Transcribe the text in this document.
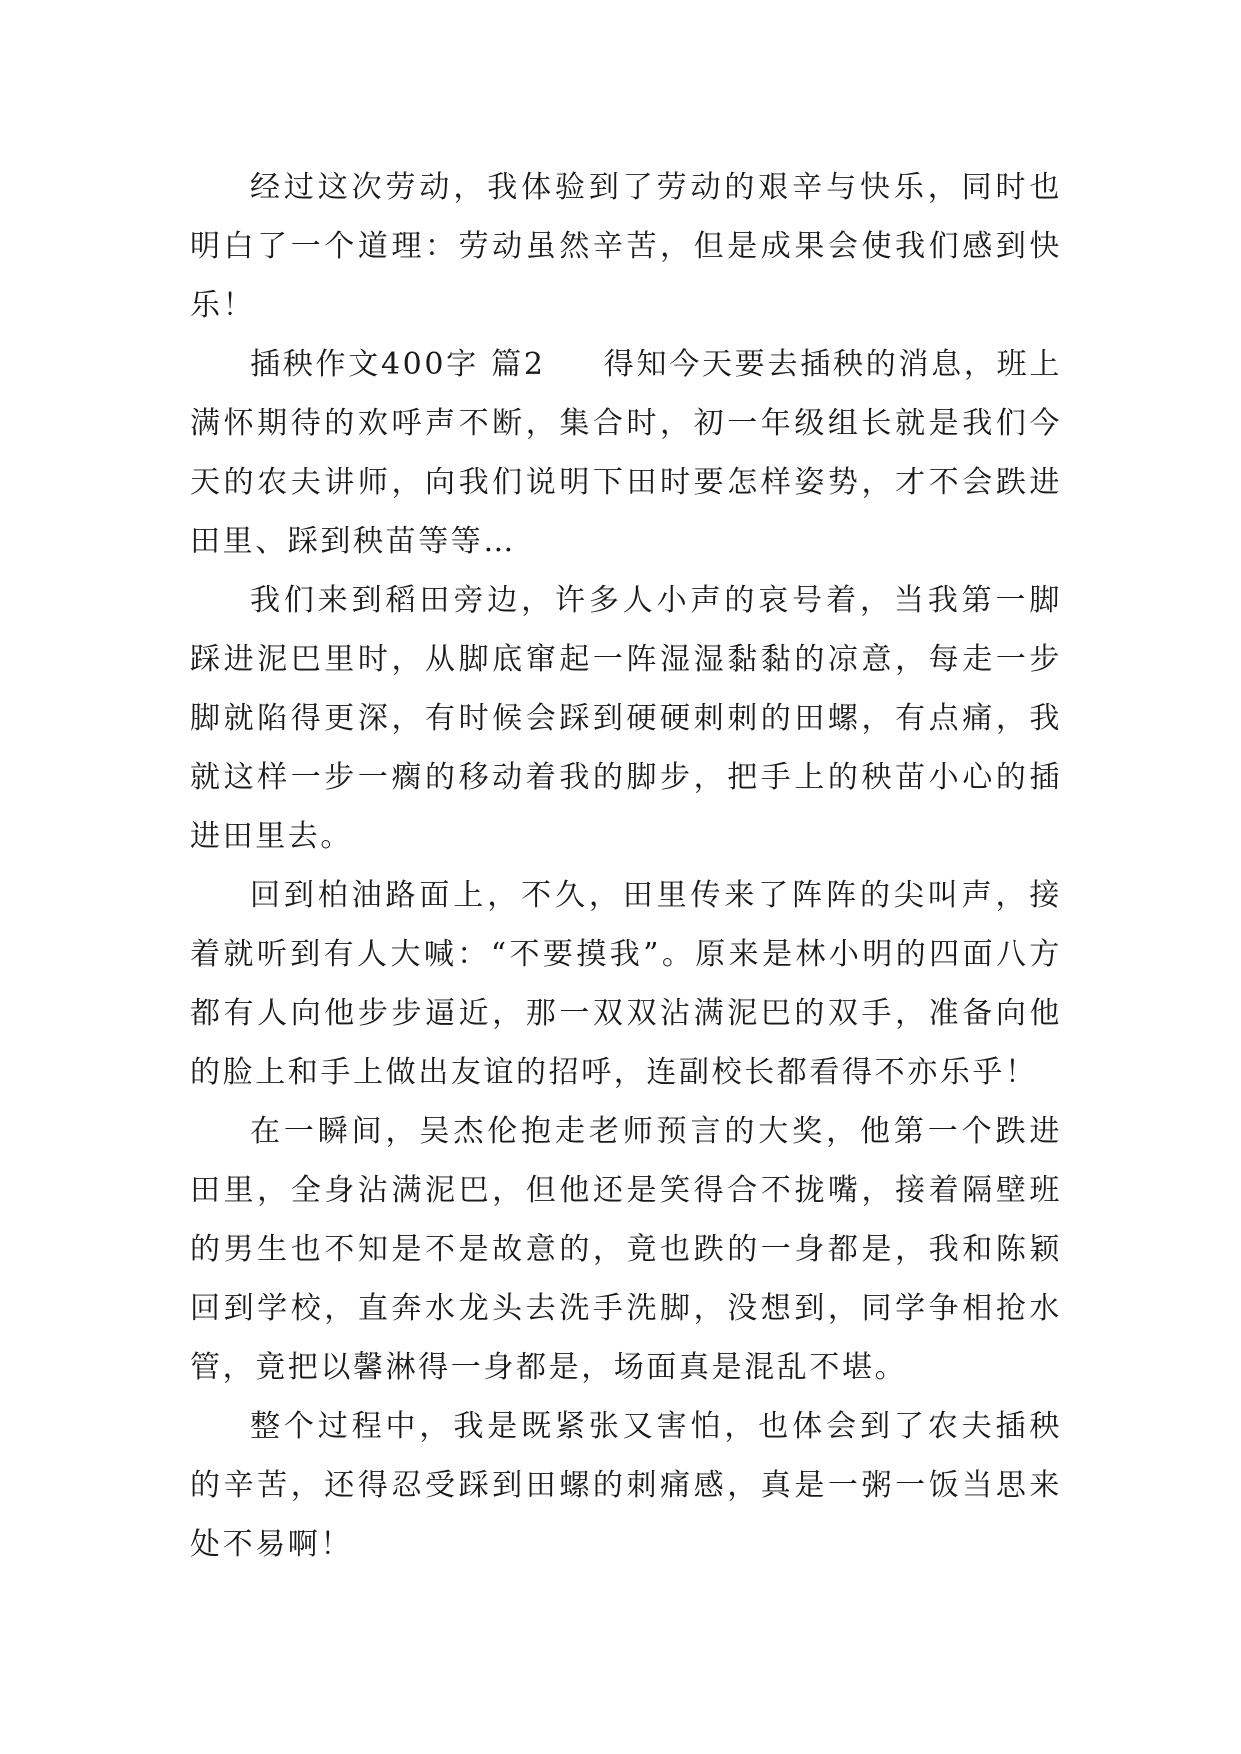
经过这次劳动，我体验到了劳动的艰辛与快乐，同时也明白了一个道理：劳动虽然辛苦，但是成果会使我们感到快乐！

插秧作文400字 篇2 得知今天要去插秧的消息，班上满怀期待的欢呼声不断，集合时，初一年级组长就是我们今天的农夫讲师，向我们说明下田时要怎样姿势，才不会跌进田里、踩到秧苗等等…

我们来到稻田旁边，许多人小声的哀号着，当我第一脚踩进泥巴里时，从脚底窜起一阵湿湿黏黏的凉意，每走一步脚就陷得更深，有时候会踩到硬硬刺刺的田螺，有点痛，我就这样一步一瘸的移动着我的脚步，把手上的秧苗小心的插进田里去。

回到柏油路面上，不久，田里传来了阵阵的尖叫声，接着就听到有人大喊：“不要摸我”。原来是林小明的四面八方都有人向他步步逼近，那一双双沾满泥巴的双手，准备向他的脸上和手上做出友谊的招呼，连副校长都看得不亦乐乎！

在一瞬间，吴杰伦抱走老师预言的大奖，他第一个跌进田里，全身沾满泥巴，但他还是笑得合不拢嘴，接着隔壁班的男生也不知是不是故意的，竟也跌的一身都是，我和陈颖回到学校，直奔水龙头去洗手洗脚，没想到，同学争相抢水管，竟把以馨淋得一身都是，场面真是混乱不堪。

整个过程中，我是既紧张又害怕，也体会到了农夫插秧的辛苦，还得忍受踩到田螺的刺痛感，真是一粥一饭当思来处不易啊！
